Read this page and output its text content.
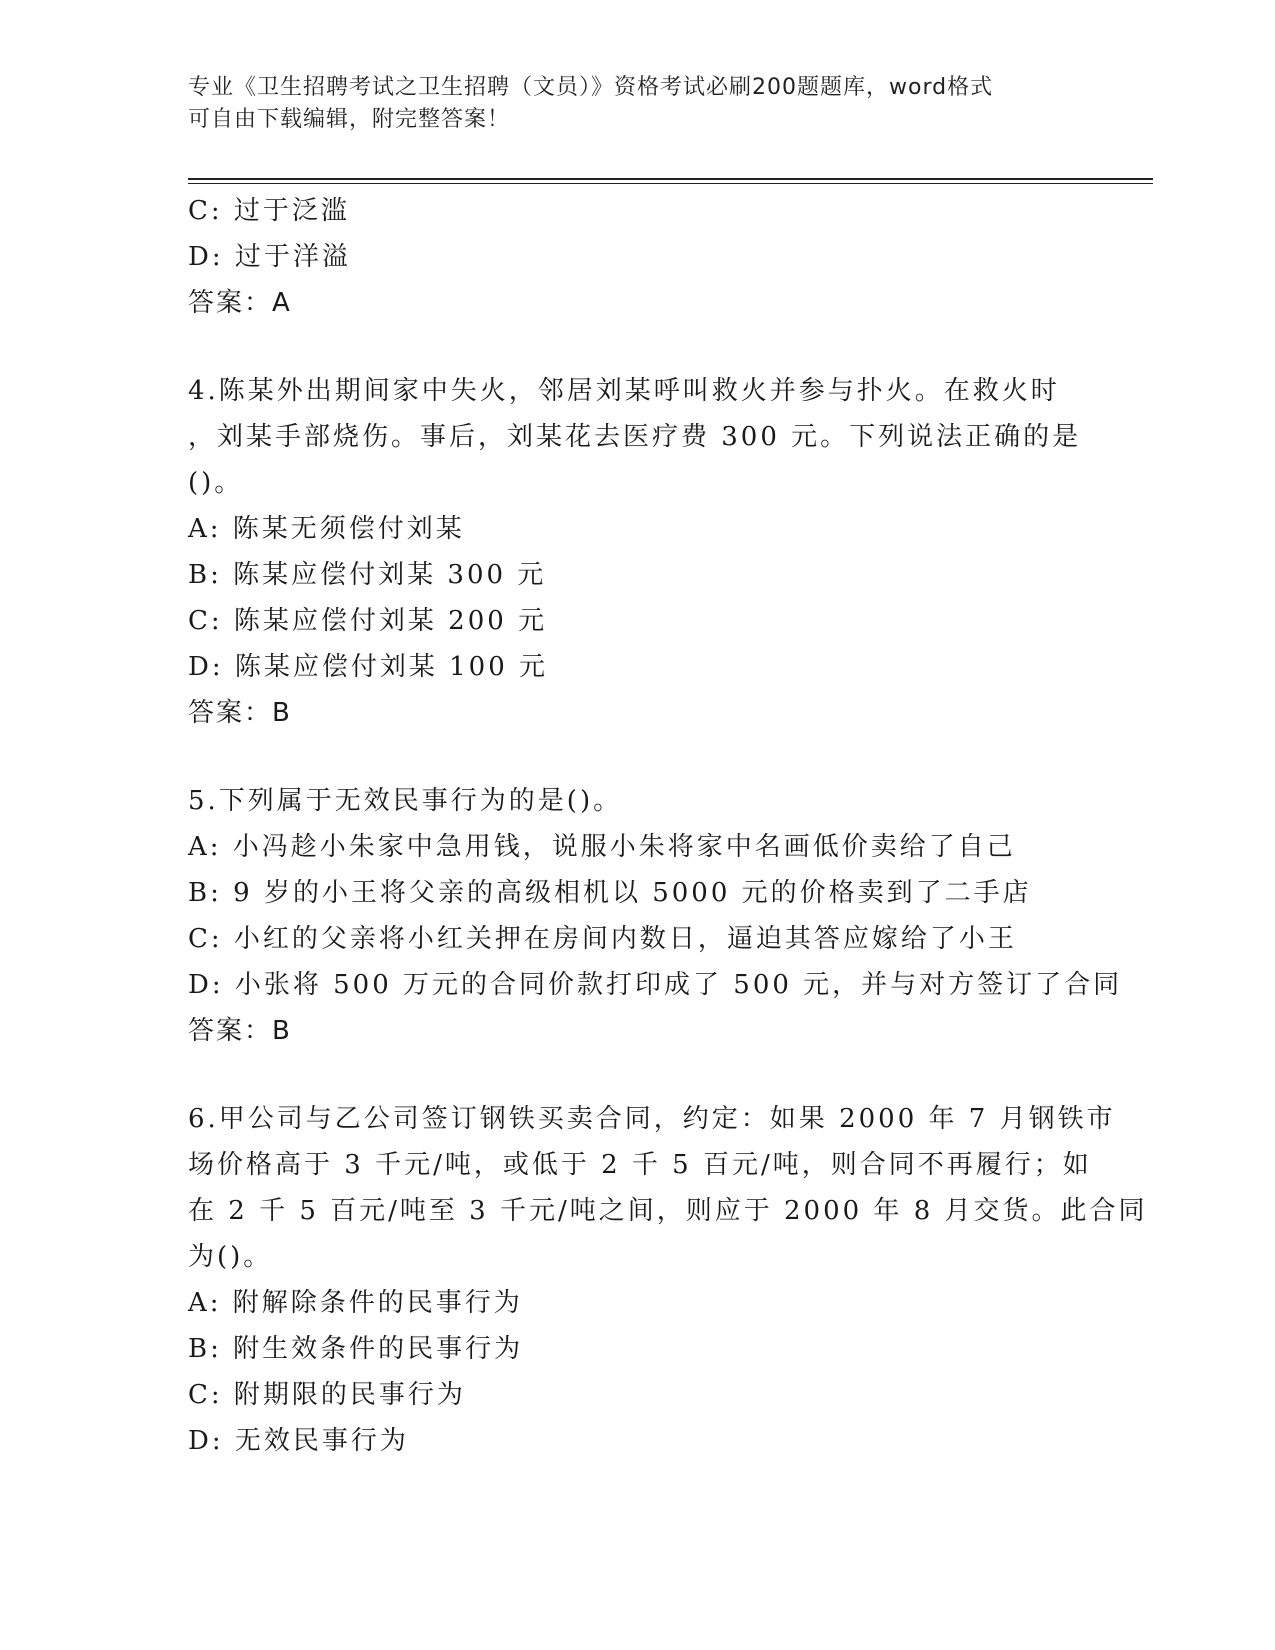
专业《卫生招聘考试之卫生招聘（文员）》资格考试必刷200题题库，word格式
可自由下载编辑，附完整答案！
C: 过于泛滥
D: 过于洋溢
答案：A
4.陈某外出期间家中失火，邻居刘某呼叫救火并参与扑火。在救火时
，刘某手部烧伤。事后，刘某花去医疗费 300 元。下列说法正确的是
()。
A: 陈某无须偿付刘某
B: 陈某应偿付刘某 300 元
C: 陈某应偿付刘某 200 元
D: 陈某应偿付刘某 100 元
答案：B
5.下列属于无效民事行为的是()。
A: 小冯趁小朱家中急用钱，说服小朱将家中名画低价卖给了自己
B: 9 岁的小王将父亲的高级相机以 5000 元的价格卖到了二手店
C: 小红的父亲将小红关押在房间内数日，逼迫其答应嫁给了小王
D: 小张将 500 万元的合同价款打印成了 500 元，并与对方签订了合同
答案：B
6.甲公司与乙公司签订钢铁买卖合同，约定：如果 2000 年 7 月钢铁市
场价格高于 3 千元/吨，或低于 2 千 5 百元/吨，则合同不再履行；如
在 2 千 5 百元/吨至 3 千元/吨之间，则应于 2000 年 8 月交货。此合同
为()。
A: 附解除条件的民事行为
B: 附生效条件的民事行为
C: 附期限的民事行为
D: 无效民事行为
